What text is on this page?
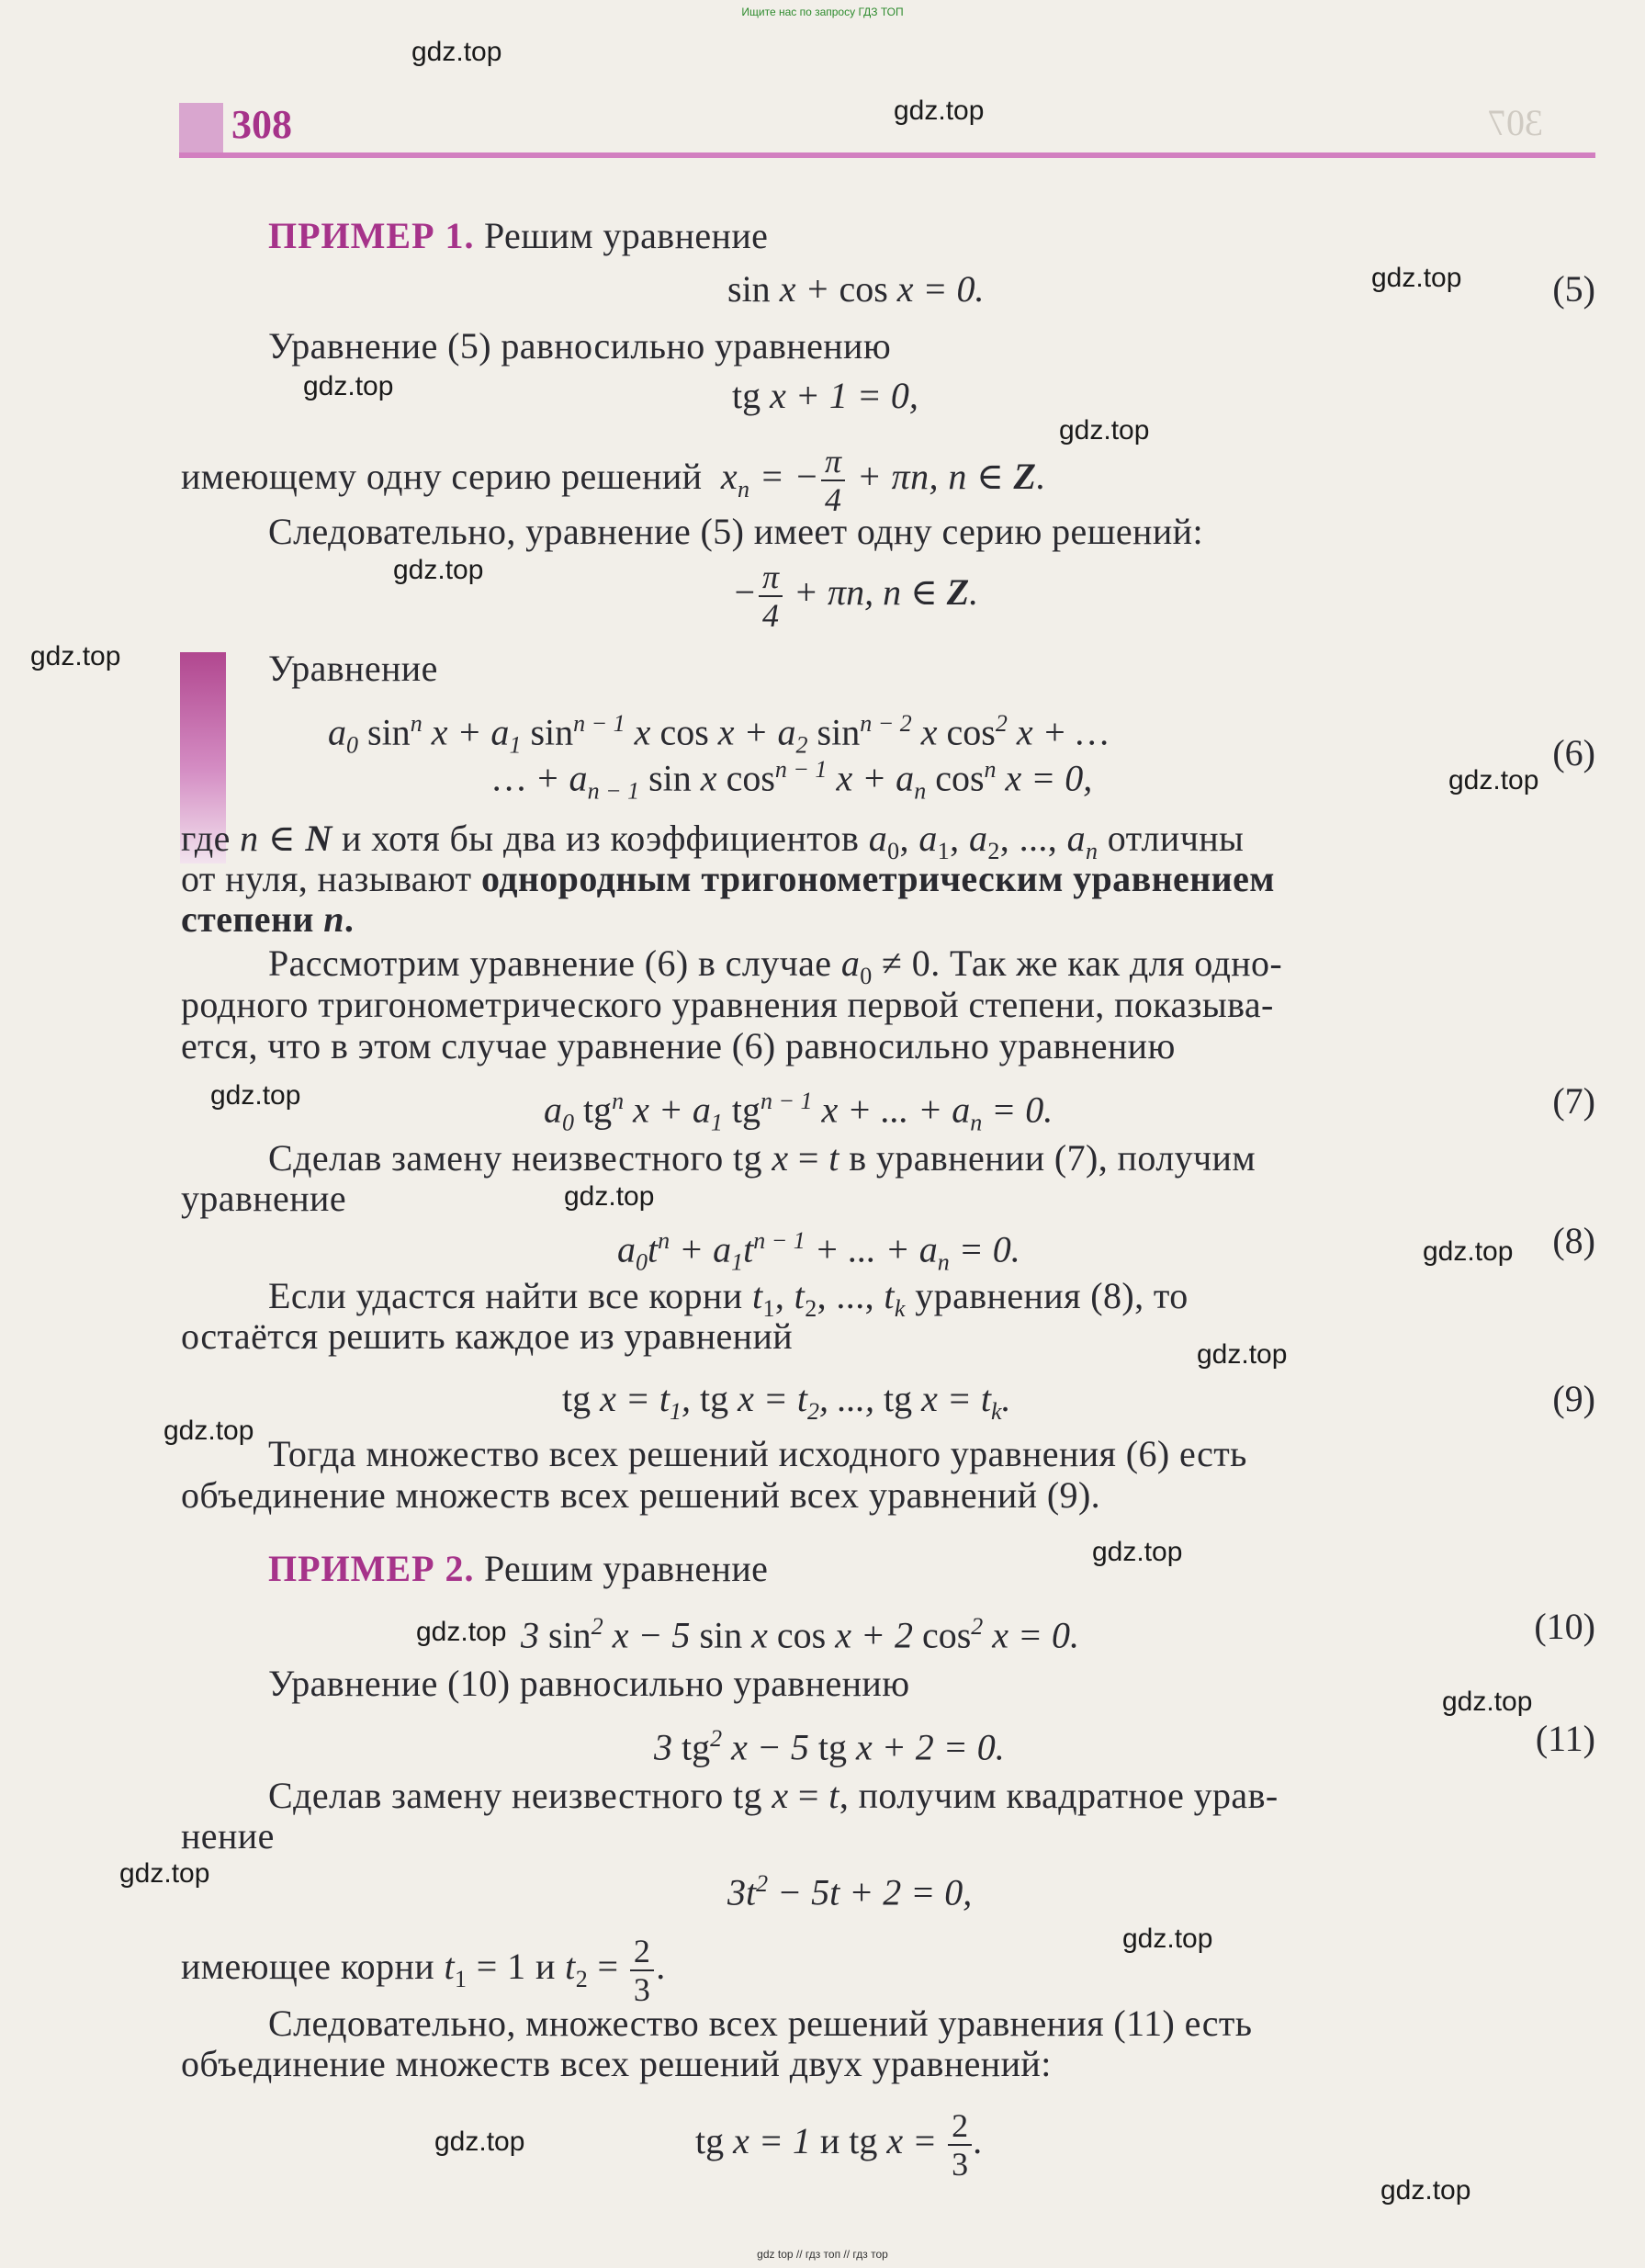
Ищите нас по запросу ГДЗ ТОП
308	307
gdz.top
gdz.top
gdz.top
gdz.top
gdz.top
gdz.top
gdz.top
gdz.top
gdz.top
gdz.top
gdz.top
gdz.top
gdz.top
gdz.top
gdz.top
gdz.top
gdz.top
gdz.top
gdz.top
gdz.top
ПРИМЕР 1. Решим уравнение
sin x + cos x = 0.	(5)
Уравнение (5) равносильно уравнению
tg x + 1 = 0,
имеющему одну серию решений $x_n$ = − $\frac{\pi}{4} + \pi n$, n ∈ Z.
Следовательно, уравнение (5) имеет одну серию решений:
− $\frac{\pi}{4} + \pi n$, n ∈ Z.
Уравнение
$a_0$ $\sin^n x + a_1$ $\sin^{n - 1} x$ $\cos x + a_2$ $\sin^{n - 2} x$ $\cos^2 x$ + …
… + $a_{n - 1}$ sin x $\cos^{n - 1} x + a_n$ $\cos^n x = 0$,
(6)
где n ∈ N и хотя бы два из коэффициентов $a_0$, $a_1$, $a_2$, ..., $a_n$ отличны
от нуля, называют однородным тригонометрическим уравнением
степени n.
Рассмотрим уравнение (6) в случае $a_0 \ne 0$. Так же как для одно-
родного тригонометрического уравнения первой степени, показыва-
ется, что в этом случае уравнение (6) равносильно уравнению
$a_0$ $tg^n$ $x + a_1$ $tg^{n - 1}$ x + ... + $a_n = 0$.	(7)
Сделав замену неизвестного tg x = t в уравнении (7), получим
уравнение
$a_0t^n + a_1t^{n - 1}$ + ... + $a_n = 0$.	(8)
Если удастся найти все корни $t_1$, $t_2$, ..., $t_k$ уравнения (8), то
остаётся решить каждое из уравнений
tg $x = t_1$, tg $x = t_2$, ..., tg $x = t_k$.	(9)
Тогда множество всех решений исходного уравнения (6) есть
объединение множеств всех решений всех уравнений (9).
ПРИМЕР 2. Решим уравнение
3 $\sin^2 x - 5$ sin x cos x + 2 $\cos^2 x = 0$.	(10)
Уравнение (10) равносильно уравнению
3 $tg^2$ x − 5 tg x + 2 = 0.	(11)
Сделав замену неизвестного tg x = t, получим квадратное урав-
нение
$3t^2 - 5t + 2 = 0$,
имеющее корни $t_1 = 1$ и $t_2 = \frac{2}{3}$ .
Следовательно, множество всех решений уравнения (11) есть
объединение множеств всех решений двух уравнений:
tg x = 1 и tg $x = \frac{2}{3}$ .
gdz top // гдз топ // гдз тор
